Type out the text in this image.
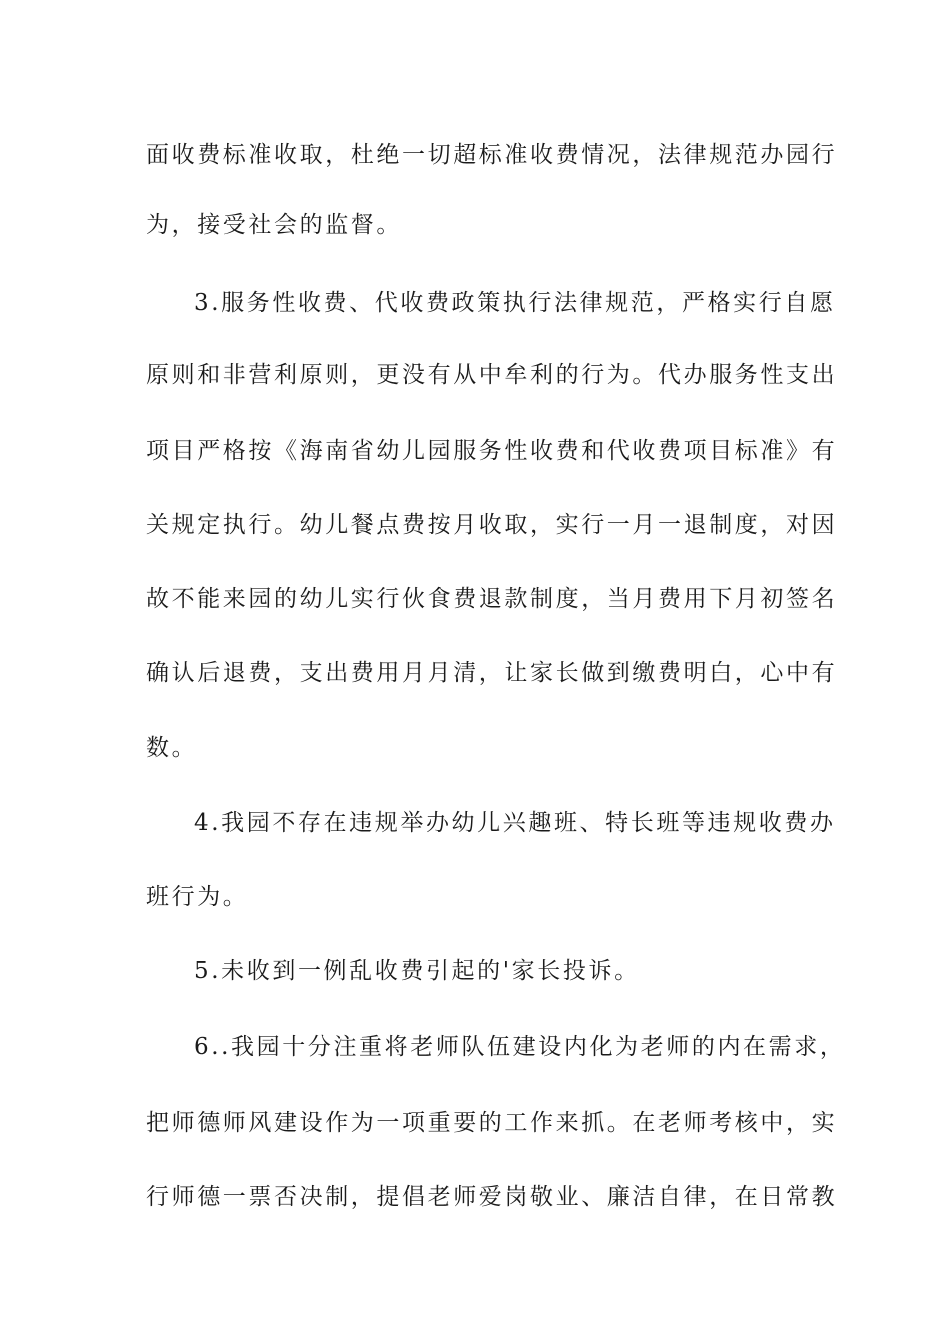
面收费标准收取，杜绝一切超标准收费情况，法律规范办园行
为，接受社会的监督。
3.服务性收费、代收费政策执行法律规范，严格实行自愿
原则和非营利原则，更没有从中牟利的行为。代办服务性支出
项目严格按《海南省幼儿园服务性收费和代收费项目标准》有
关规定执行。幼儿餐点费按月收取，实行一月一退制度，对因
故不能来园的幼儿实行伙食费退款制度，当月费用下月初签名
确认后退费，支出费用月月清，让家长做到缴费明白，心中有
数。
4.我园不存在违规举办幼儿兴趣班、特长班等违规收费办
班行为。
5.未收到一例乱收费引起的'家长投诉。
6..我园十分注重将老师队伍建设内化为老师的内在需求，
把师德师风建设作为一项重要的工作来抓。在老师考核中，实
行师德一票否决制，提倡老师爱岗敬业、廉洁自律，在日常教
